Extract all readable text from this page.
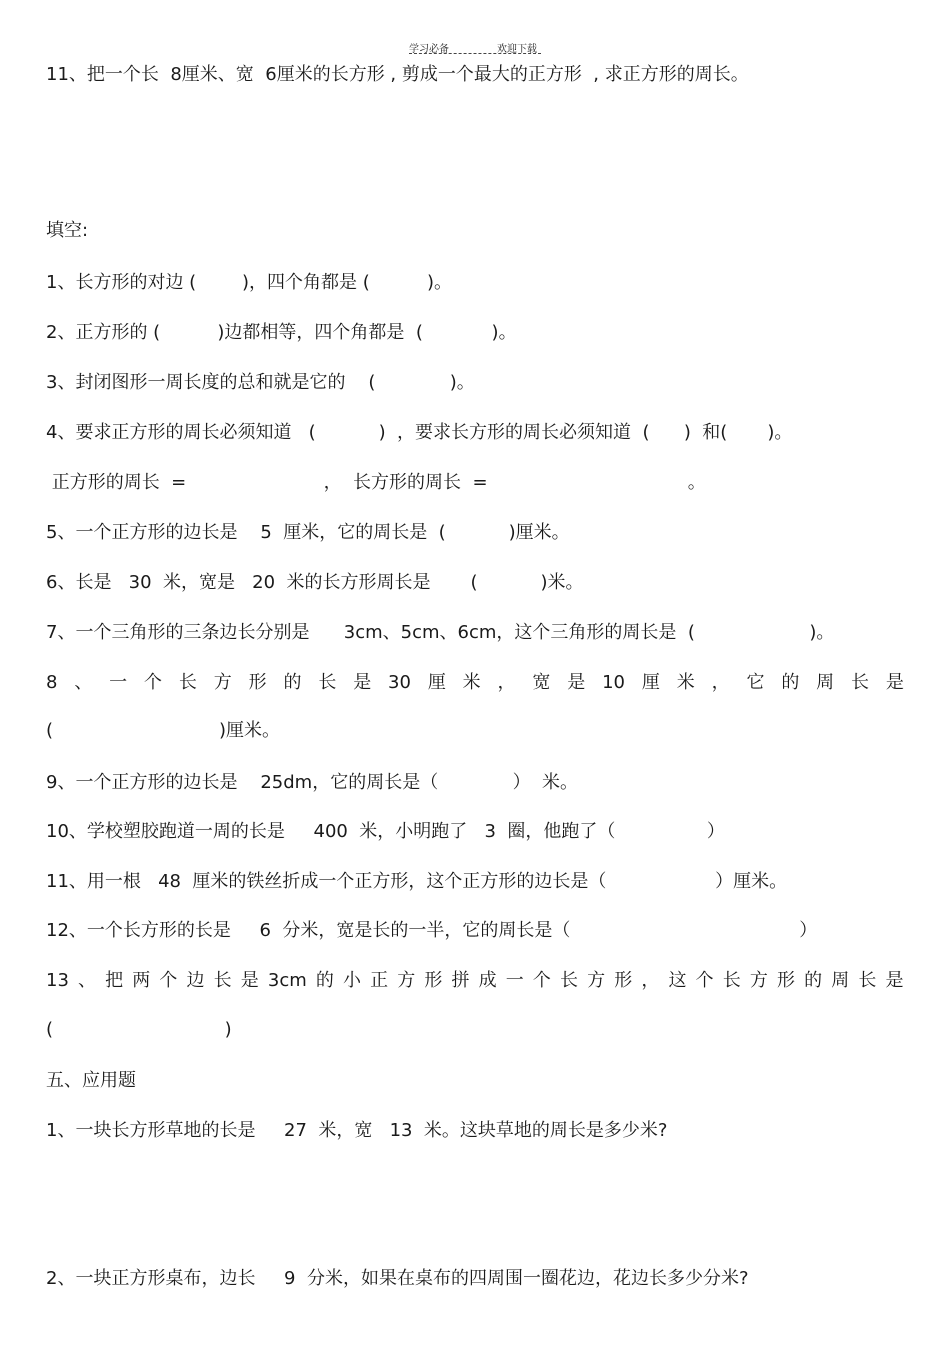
学习必备	欢迎下载
11、把一个长  8厘米、宽  6厘米的长方形 , 剪成一个最大的正方形  , 求正方形的周长。
填空:
1、长方形的对边 (        )，四个角都是 (          )。
2、正方形的 (          )边都相等，四个角都是  (            )。
3、封闭图形一周长度的总和就是它的    (             )。
4、要求正方形的周长必须知道   (           )  ，要求长方形的周长必须知道  (      )  和(       )。
正方形的周长  =                        ，  长方形的周长  =                                   。
5、一个正方形的边长是    5  厘米，它的周长是  (           )厘米。
6、长是   30  米，宽是   20  米的长方形周长是       (           )米。
7、一个三角形的三条边长分别是      3cm、5cm、6cm，这个三角形的周长是  (                    )。
8 、 一 个 长 方 形 的 长 是 30 厘 米 ， 宽 是 10 厘 米 ， 它 的 周 长 是
(                             )厘米。
9、一个正方形的边长是    25dm，它的周长是（             ）  米。
10、学校塑胶跑道一周的长是     400  米，小明跑了   3  圈，他跑了（                ）
11、用一根   48  厘米的铁丝折成一个正方形，这个正方形的边长是（                   ）厘米。
12、一个长方形的长是     6  分米，宽是长的一半，它的周长是（                                        ）
13 、 把 两 个 边 长 是 3cm 的 小 正 方 形 拼 成 一 个 长 方 形 ， 这 个 长 方 形 的 周 长 是
(                              )
五、应用题
1、一块长方形草地的长是     27  米，宽   13  米。这块草地的周长是多少米?
2、一块正方形桌布，边长     9  分米，如果在桌布的四周围一圈花边，花边长多少分米?
